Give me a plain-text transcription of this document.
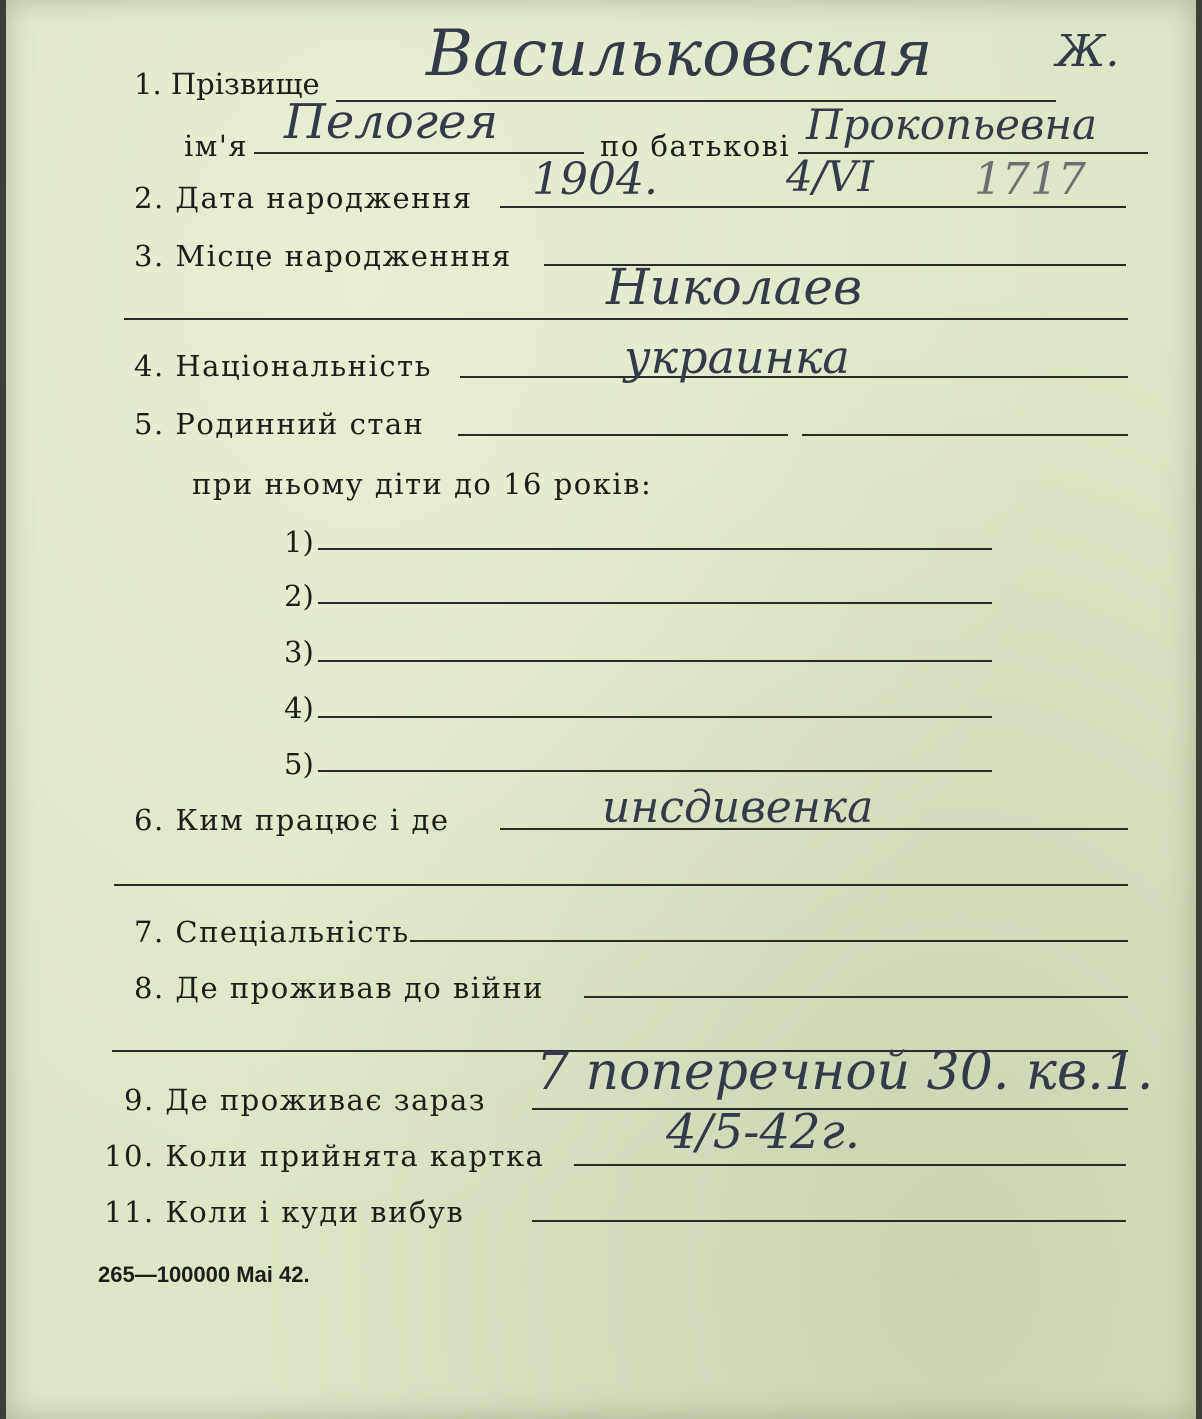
1. Прізвище Васильковская	Ж.
ім'я Пелогея	по батькові Прокопьевна
2. Дата народження 1904.	4/VI 1717
3. Місце народженння
Николаев
4. Національність	украинка
5. Родинний стан
при ньому діти до 16 років:
1)
2)
3)
4)
5)
6. Ким працює і де	инсдивенка
7. Спеціальність
8. Де проживав до війни
9. Де проживає зараз 7 поперечной 30. кв.1.
10. Коли прийнята картка	4/5-42г.
11. Коли і куди вибув
265—100000 Mai 42.
